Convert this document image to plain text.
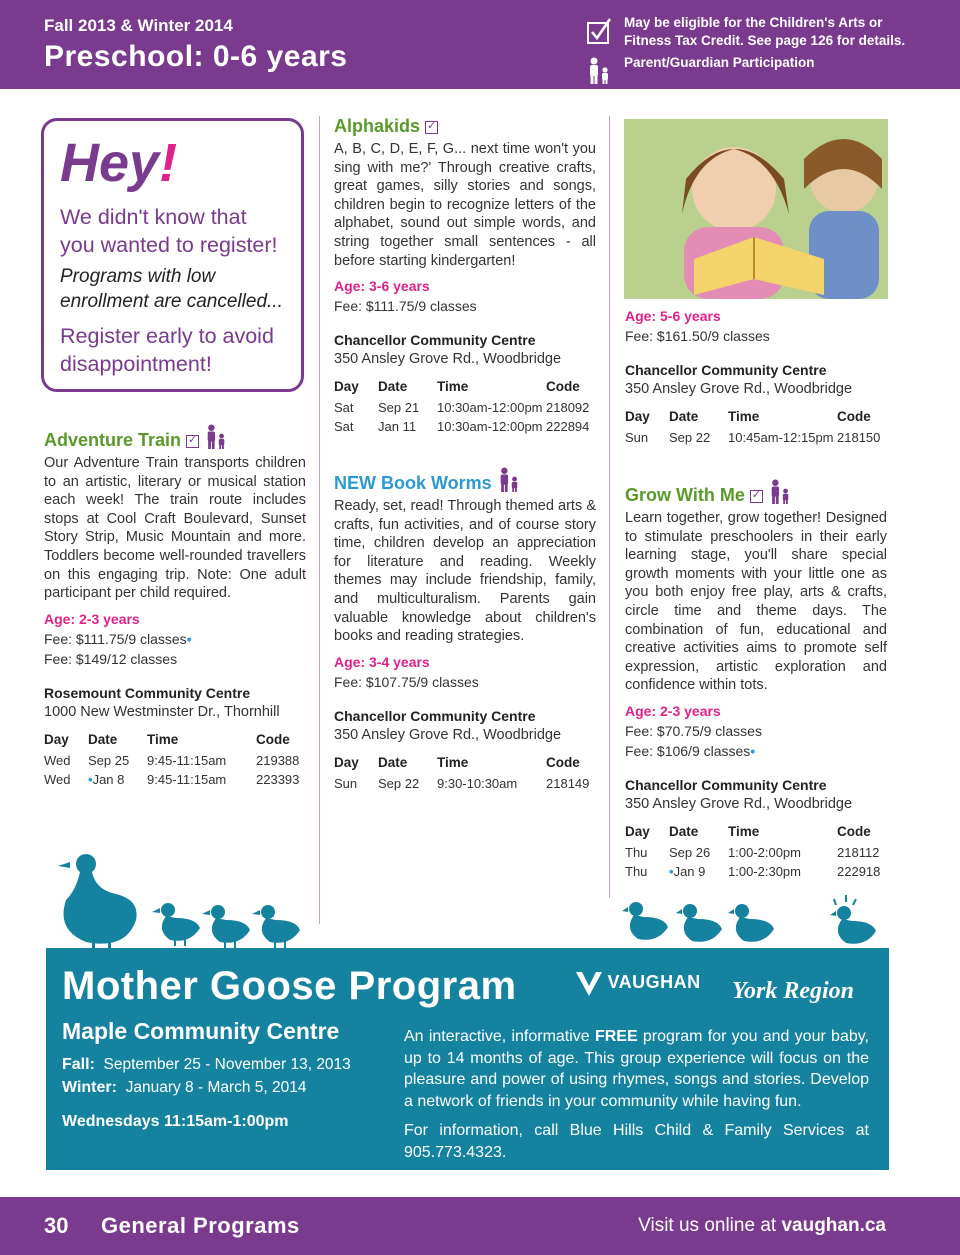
Fall 2013 & Winter 2014
Preschool: 0-6 years
May be eligible for the Children's Arts or
Fitness Tax Credit. See page 126 for details.
Parent/Guardian Participation
Hey!
We didn't know that you wanted to register!
Programs with low enrollment are cancelled...
Register early to avoid disappointment!
Adventure Train ✓
Our Adventure Train transports children to an artistic, literary or musical station each week! The train route includes stops at Cool Craft Boulevard, Sunset Story Strip, Music Mountain and more. Toddlers become well-rounded travellers on this engaging trip. Note: One adult participant per child required.
Age: 2-3 years
Fee: $111.75/9 classes•
Fee: $149/12 classes
Rosemount Community Centre
1000 New Westminster Dr., Thornhill
Day	Date	Time	Code
Wed	Sep 25	9:45-11:15am	219388
Wed	•Jan 8	9:45-11:15am	223393
Alphakids ✓
A, B, C, D, E, F, G... next time won't you sing with me?' Through creative crafts, great games, silly stories and songs, children begin to recognize letters of the alphabet, sound out simple words, and string together small sentences - all before starting kindergarten!
Age: 3-6 years
Fee: $111.75/9 classes
Chancellor Community Centre
350 Ansley Grove Rd., Woodbridge
Day	Date	Time	Code
Sat	Sep 21	10:30am-12:00pm	218092
Sat	Jan 11	10:30am-12:00pm	222894
NEW Book Worms
Ready, set, read! Through themed arts & crafts, fun activities, and of course story time, children develop an appreciation for literature and reading. Weekly themes may include friendship, family, and multiculturalism. Parents gain valuable knowledge about children's books and reading strategies.
Age: 3-4 years
Fee: $107.75/9 classes
Chancellor Community Centre
350 Ansley Grove Rd., Woodbridge
Day	Date	Time	Code
Sun	Sep 22	9:30-10:30am	218149
Age: 5-6 years
Fee: $161.50/9 classes
Chancellor Community Centre
350 Ansley Grove Rd., Woodbridge
Day	Date	Time	Code
Sun	Sep 22	10:45am-12:15pm	218150
Grow With Me ✓
Learn together, grow together! Designed to stimulate preschoolers in their early learning stage, you'll share special growth moments with your little one as you both enjoy free play, arts & crafts, circle time and theme days. The combination of fun, educational and creative activities aims to promote self expression, artistic exploration and confidence within tots.
Age: 2-3 years
Fee: $70.75/9 classes
Fee: $106/9 classes•
Chancellor Community Centre
350 Ansley Grove Rd., Woodbridge
Day	Date	Time	Code
Thu	Sep 26	1:00-2:00pm	218112
Thu	•Jan 9	1:00-2:30pm	222918
Mother Goose Program	VAUGHAN York Region
Maple Community Centre
Fall: September 25 - November 13, 2013
Winter: January 8 - March 5, 2014
Wednesdays 11:15am-1:00pm
An interactive, informative FREE program for you and your baby, up to 14 months of age. This group experience will focus on the pleasure and power of using rhymes, songs and stories. Develop a network of friends in your community while having fun.
For information, call Blue Hills Child & Family Services at 905.773.4323.
30 General Programs	Visit us online at vaughan.ca
